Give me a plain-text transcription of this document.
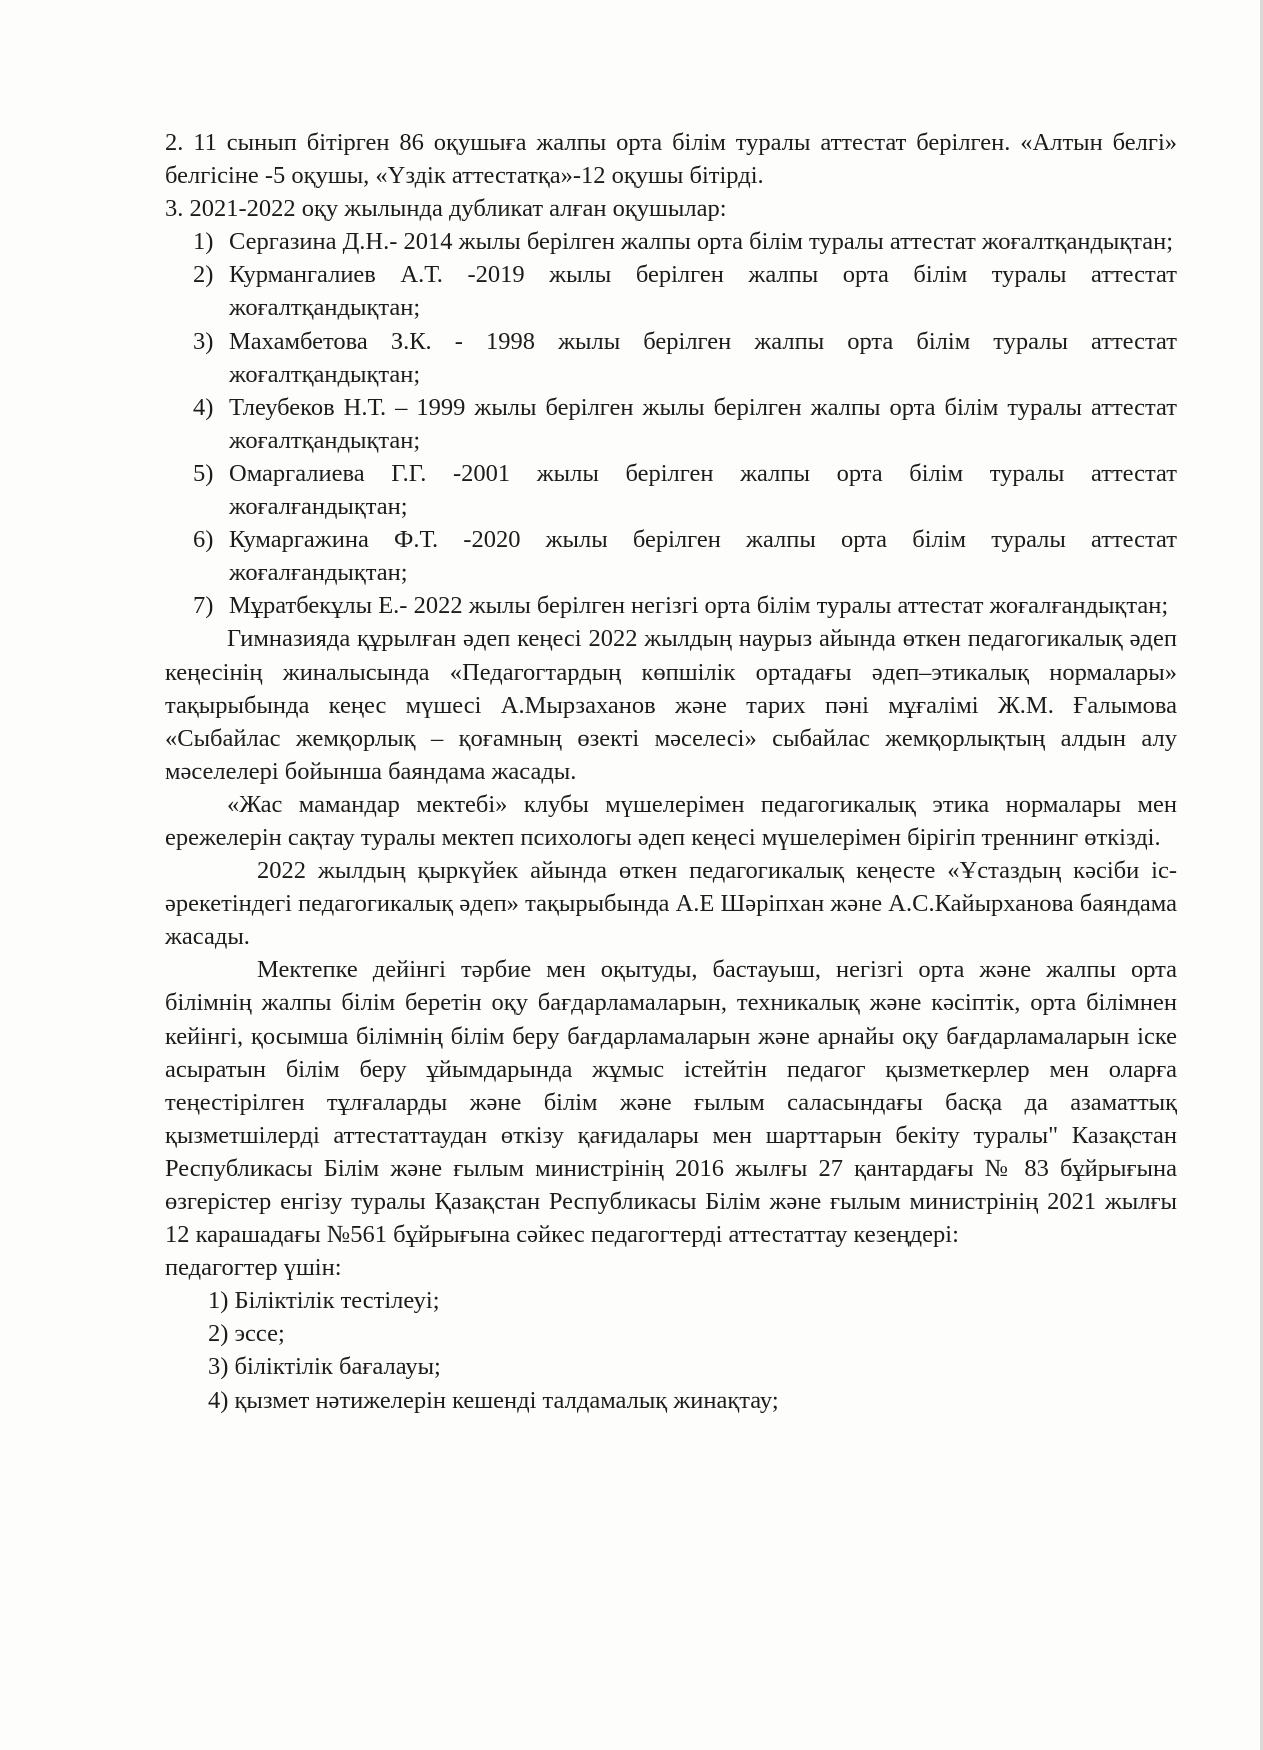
2. 11 сынып бітірген 86 оқушыға жалпы орта білім туралы аттестат берілген. «Алтын белгі» белгісіне -5 оқушы, «Үздік аттестатқа»-12 оқушы бітірді.

3. 2021-2022 оқу жылында дубликат алған оқушылар:

1) Сергазина Д.Н.- 2014 жылы берілген жалпы орта білім туралы аттестат жоғалтқандықтан;
2) Курмангалиев А.Т. -2019 жылы берілген жалпы орта білім туралы аттестат жоғалтқандықтан;
3) Махамбетова З.К. - 1998 жылы берілген жалпы орта білім туралы аттестат жоғалтқандықтан;
4) Тлеубеков Н.Т. – 1999 жылы берілген жылы берілген жалпы орта білім туралы аттестат жоғалтқандықтан;
5) Омаргалиева Г.Г. -2001 жылы берілген жалпы орта білім туралы аттестат жоғалғандықтан;
6) Кумаргажина Ф.Т. -2020 жылы берілген жалпы орта білім туралы аттестат жоғалғандықтан;
7) Мұратбекұлы Е.- 2022 жылы берілген негізгі орта білім туралы аттестат жоғалғандықтан;

Гимназияда құрылған әдеп кеңесі 2022 жылдың наурыз айында өткен педагогикалық әдеп кеңесінің жиналысында «Педагогтардың көпшілік ортадағы әдеп–этикалық нормалары» тақырыбында кеңес мүшесі А.Мырзаханов және тарих пәні мұғалімі Ж.М. Ғалымова «Сыбайлас жемқорлық – қоғамның өзекті мәселесі» сыбайлас жемқорлықтың алдын алу мәселелері бойынша баяндама жасады.

«Жас мамандар мектебі» клубы мүшелерімен педагогикалық этика нормалары мен ережелерін сақтау туралы мектеп психологы әдеп кеңесі мүшелерімен бірігіп треннинг өткізді.

2022 жылдың қыркүйек айында өткен педагогикалық кеңесте «Ұстаздың кәсіби іс- әрекетіндегі педагогикалық әдеп» тақырыбында А.Е Шәріпхан және А.С.Кайырханова баяндама жасады.

Мектепке дейінгі тәрбие мен оқытуды, бастауыш, негізгі орта және жалпы орта білімнің жалпы білім беретін оқу бағдарламаларын, техникалық және кәсіптік, орта білімнен кейінгі, қосымша білімнің білім беру бағдарламаларын және арнайы оқу бағдарламаларын іске асыратын білім беру ұйымдарында жұмыс істейтін педагог қызметкерлер мен оларға теңестірілген тұлғаларды және білім және ғылым саласындағы басқа да азаматтық қызметшілерді аттестаттаудан өткізу қағидалары мен шарттарын бекіту туралы" Казақстан Республикасы Білім және ғылым министрінің 2016 жылғы 27 қантардағы № 83 бұйрығына өзгерістер енгізу туралы Қазақстан Республикасы Білім және ғылым министрінің 2021 жылғы 12 карашадағы №561 бұйрығына сәйкес педагогтерді аттестаттау кезеңдері:

педагогтер үшін:

1) Біліктілік тестілеуі;
2) эссе;
3) біліктілік бағалауы;
4) қызмет нәтижелерін кешенді талдамалық жинақтау;
